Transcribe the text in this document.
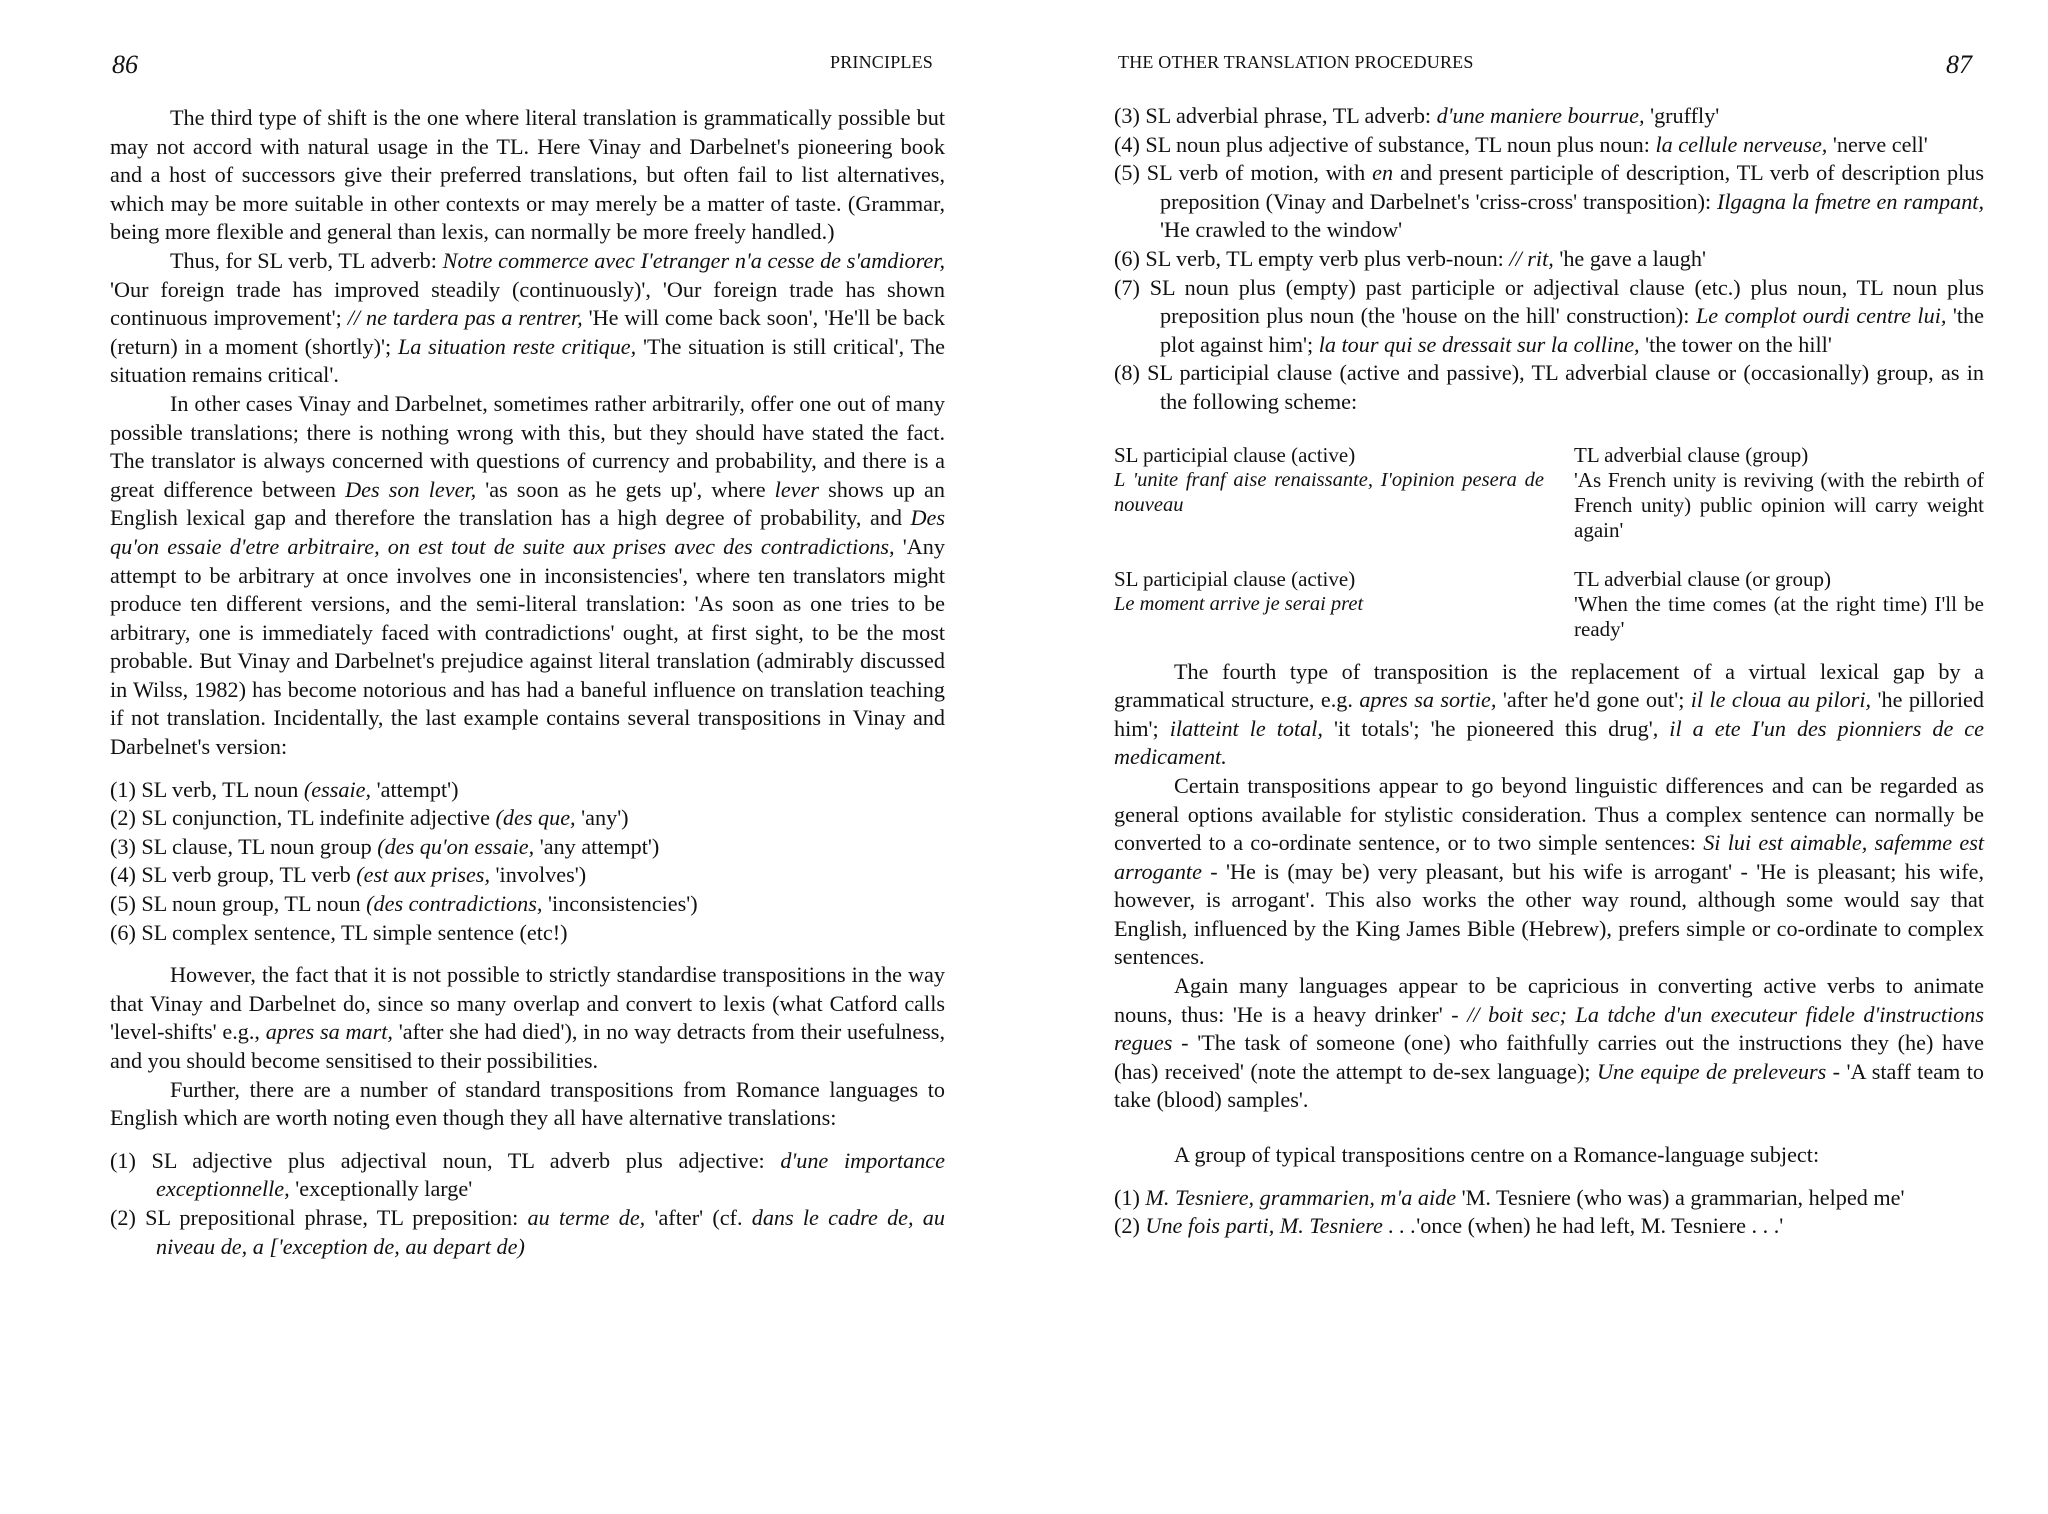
86	PRINCIPLES

The third type of shift is the one where literal translation is grammatically possible but may not accord with natural usage in the TL. Here Vinay and Darbelnet's pioneering book and a host of successors give their preferred translations, but often fail to list alternatives, which may be more suitable in other contexts or may merely be a matter of taste. (Grammar, being more flexible and general than lexis, can normally be more freely handled.)

Thus, for SL verb, TL adverb: Notre commerce avec I'etranger n'a cesse de s'amdiorer, 'Our foreign trade has improved steadily (continuously)', 'Our foreign trade has shown continuous improvement'; // ne tardera pas a rentrer, 'He will come back soon', 'He'll be back (return) in a moment (shortly)'; La situation reste critique, 'The situation is still critical', The situation remains critical'.

In other cases Vinay and Darbelnet, sometimes rather arbitrarily, offer one out of many possible translations; there is nothing wrong with this, but they should have stated the fact. The translator is always concerned with questions of currency and probability, and there is a great difference between Des son lever, 'as soon as he gets up', where lever shows up an English lexical gap and therefore the translation has a high degree of probability, and Des qu'on essaie d'etre arbitraire, on est tout de suite aux prises avec des contradictions, 'Any attempt to be arbitrary at once involves one in inconsistencies', where ten translators might produce ten different versions, and the semi-literal translation: 'As soon as one tries to be arbitrary, one is immediately faced with contradictions' ought, at first sight, to be the most probable. But Vinay and Darbelnet's prejudice against literal translation (admirably discussed in Wilss, 1982) has become notorious and has had a baneful influence on translation teaching if not translation. Incidentally, the last example contains several transpositions in Vinay and Darbelnet's version:

(1) SL verb, TL noun (essaie, 'attempt')
(2) SL conjunction, TL indefinite adjective (des que, 'any')
(3) SL clause, TL noun group (des qu'on essaie, 'any attempt')
(4) SL verb group, TL verb (est aux prises, 'involves')
(5) SL noun group, TL noun (des contradictions, 'inconsistencies')
(6) SL complex sentence, TL simple sentence (etc!)

However, the fact that it is not possible to strictly standardise transpositions in the way that Vinay and Darbelnet do, since so many overlap and convert to lexis (what Catford calls 'level-shifts' e.g., apres sa mart, 'after she had died'), in no way detracts from their usefulness, and you should become sensitised to their possibilities.

Further, there are a number of standard transpositions from Romance languages to English which are worth noting even though they all have alternative translations:

(1) SL adjective plus adjectival noun, TL adverb plus adjective: d'une importance exceptionnelle, 'exceptionally large'
(2) SL prepositional phrase, TL preposition: au terme de, 'after' (cf. dans le cadre de, au niveau de, a ['exception de, au depart de)
THE OTHER TRANSLATION PROCEDURES	87
(3) SL adverbial phrase, TL adverb: d'une maniere bourrue, 'gruffly'
(4) SL noun plus adjective of substance, TL noun plus noun: la cellule nerveuse, 'nerve cell'
(5) SL verb of motion, with en and present participle of description, TL verb of description plus preposition (Vinay and Darbelnet's 'criss-cross' transposition): Ilgagna la fmetre en rampant, 'He crawled to the window'
(6) SL verb, TL empty verb plus verb-noun: // rit, 'he gave a laugh'
(7) SL noun plus (empty) past participle or adjectival clause (etc.) plus noun, TL noun plus preposition plus noun (the 'house on the hill' construction): Le complot ourdi centre lui, 'the plot against him'; la tour qui se dressait sur la colline, 'the tower on the hill'
(8) SL participial clause (active and passive), TL adverbial clause or (occasionally) group, as in the following scheme:
SL participial clause (active)
L 'unite franf aise renaissante, I'opinion pesera de nouveau
TL adverbial clause (group)
'As French unity is reviving (with the rebirth of French unity) public opinion will carry weight again'
SL participial clause (active)
Le moment arrive je serai pret
TL adverbial clause (or group)
'When the time comes (at the right time) I'll be ready'

The fourth type of transposition is the replacement of a virtual lexical gap by a grammatical structure, e.g. apres sa sortie, 'after he'd gone out'; il le cloua au pilori, 'he pilloried him'; ilatteint le total, 'it totals'; 'he pioneered this drug', il a ete I'un des pionniers de ce medicament.

Certain transpositions appear to go beyond linguistic differences and can be regarded as general options available for stylistic consideration. Thus a complex sentence can normally be converted to a co-ordinate sentence, or to two simple sentences: Si lui est aimable, safemme est arrogante - 'He is (may be) very pleasant, but his wife is arrogant' - 'He is pleasant; his wife, however, is arrogant'. This also works the other way round, although some would say that English, influenced by the King James Bible (Hebrew), prefers simple or co-ordinate to complex sentences.

Again many languages appear to be capricious in converting active verbs to animate nouns, thus: 'He is a heavy drinker' - // boit sec; La tdche d'un executeur fidele d'instructions regues - 'The task of someone (one) who faithfully carries out the instructions they (he) have (has) received' (note the attempt to de-sex language); Une equipe de preleveurs - 'A staff team to take (blood) samples'.

A group of typical transpositions centre on a Romance-language subject:

(1) M. Tesniere, grammarien, m'a aide 'M. Tesniere (who was) a grammarian, helped me'
(2) Une fois parti, M. Tesniere . . .'once (when) he had left, M. Tesniere . . .'
